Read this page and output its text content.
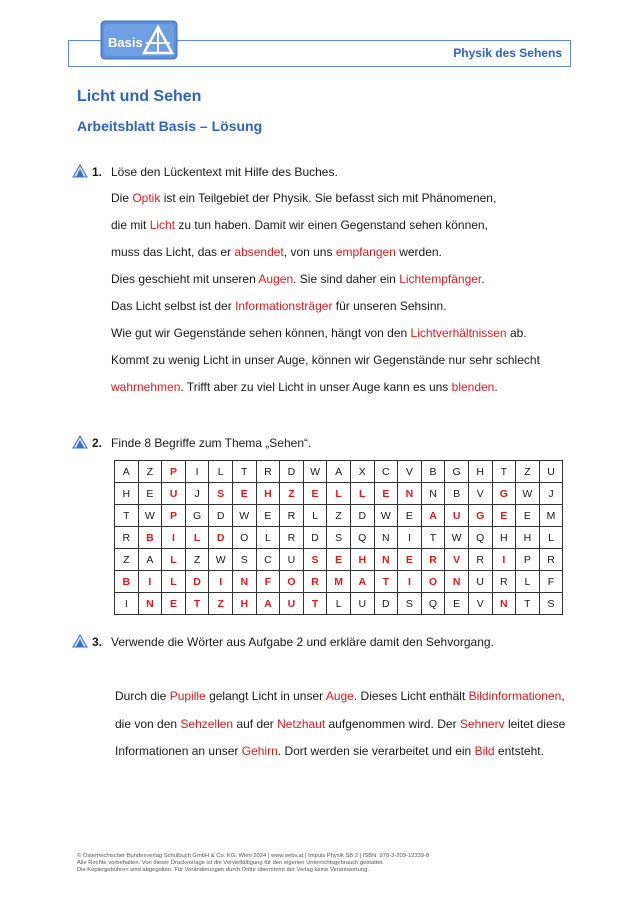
Physik des Sehens
Basis
Licht und Sehen
Arbeitsblatt Basis – Lösung
1. Löse den Lückentext mit Hilfe des Buches.

Die Optik ist ein Teilgebiet der Physik. Sie befasst sich mit Phänomenen,

die mit Licht zu tun haben. Damit wir einen Gegenstand sehen können,

muss das Licht, das er absendet, von uns empfangen werden.

Dies geschieht mit unseren Augen. Sie sind daher ein Lichtempfänger.

Das Licht selbst ist der Informationsträger für unseren Sehsinn.

Wie gut wir Gegenstände sehen können, hängt von den Lichtverhältnissen ab.

Kommt zu wenig Licht in unser Auge, können wir Gegenstände nur sehr schlecht

wahrnehmen. Trifft aber zu viel Licht in unser Auge kann es uns blenden.

2. Finde 8 Begriffe zum Thema „Sehen“.
A	Z	P	I	L	T	R	D	W	A	X	C	V	B	G	H	T	Z	U
H	E	U	J	S	E	H	Z	E	L	L	E	N	N	B	V	G	W	J
T	W	P	G	D	W	E	R	L	Z	D	W	E	A	U	G	E	E	M
R	B	I	L	D	O	L	R	D	S	Q	N	I	T	W	Q	H	H	L
Z	A	L	Z	W	S	C	U	S	E	H	N	E	R	V	R	I	P	R
B	I	L	D	I	N	F	O	R	M	A	T	I	O	N	U	R	L	F
I	N	E	T	Z	H	A	U	T	L	U	D	S	Q	E	V	N	T	S
3. Verwende die Wörter aus Aufgabe 2 und erkläre damit den Sehvorgang.

Durch die Pupille gelangt Licht in unser Auge. Dieses Licht enthält Bildinformationen,

die von den Sehzellen auf der Netzhaut aufgenommen wird. Der Sehnerv leitet diese

Informationen an unser Gehirn. Dort werden sie verarbeitet und ein Bild entsteht.

© Österreichischer Bundesverlag Schulbuch GmbH & Co. KG, Wien 2024 | www.oebv.at | Impuls Physik SB 2 | ISBN: 978-3-209-12339-8

Alle Rechte vorbehalten. Von dieser Druckvorlage ist die Vervielfältigung für den eigenen Unterrichtsgebrauch gestattet.

Die Kopiergebühren sind abgegolten. Für Veränderungen durch Dritte übernimmt der Verlag keine Verantwortung.
